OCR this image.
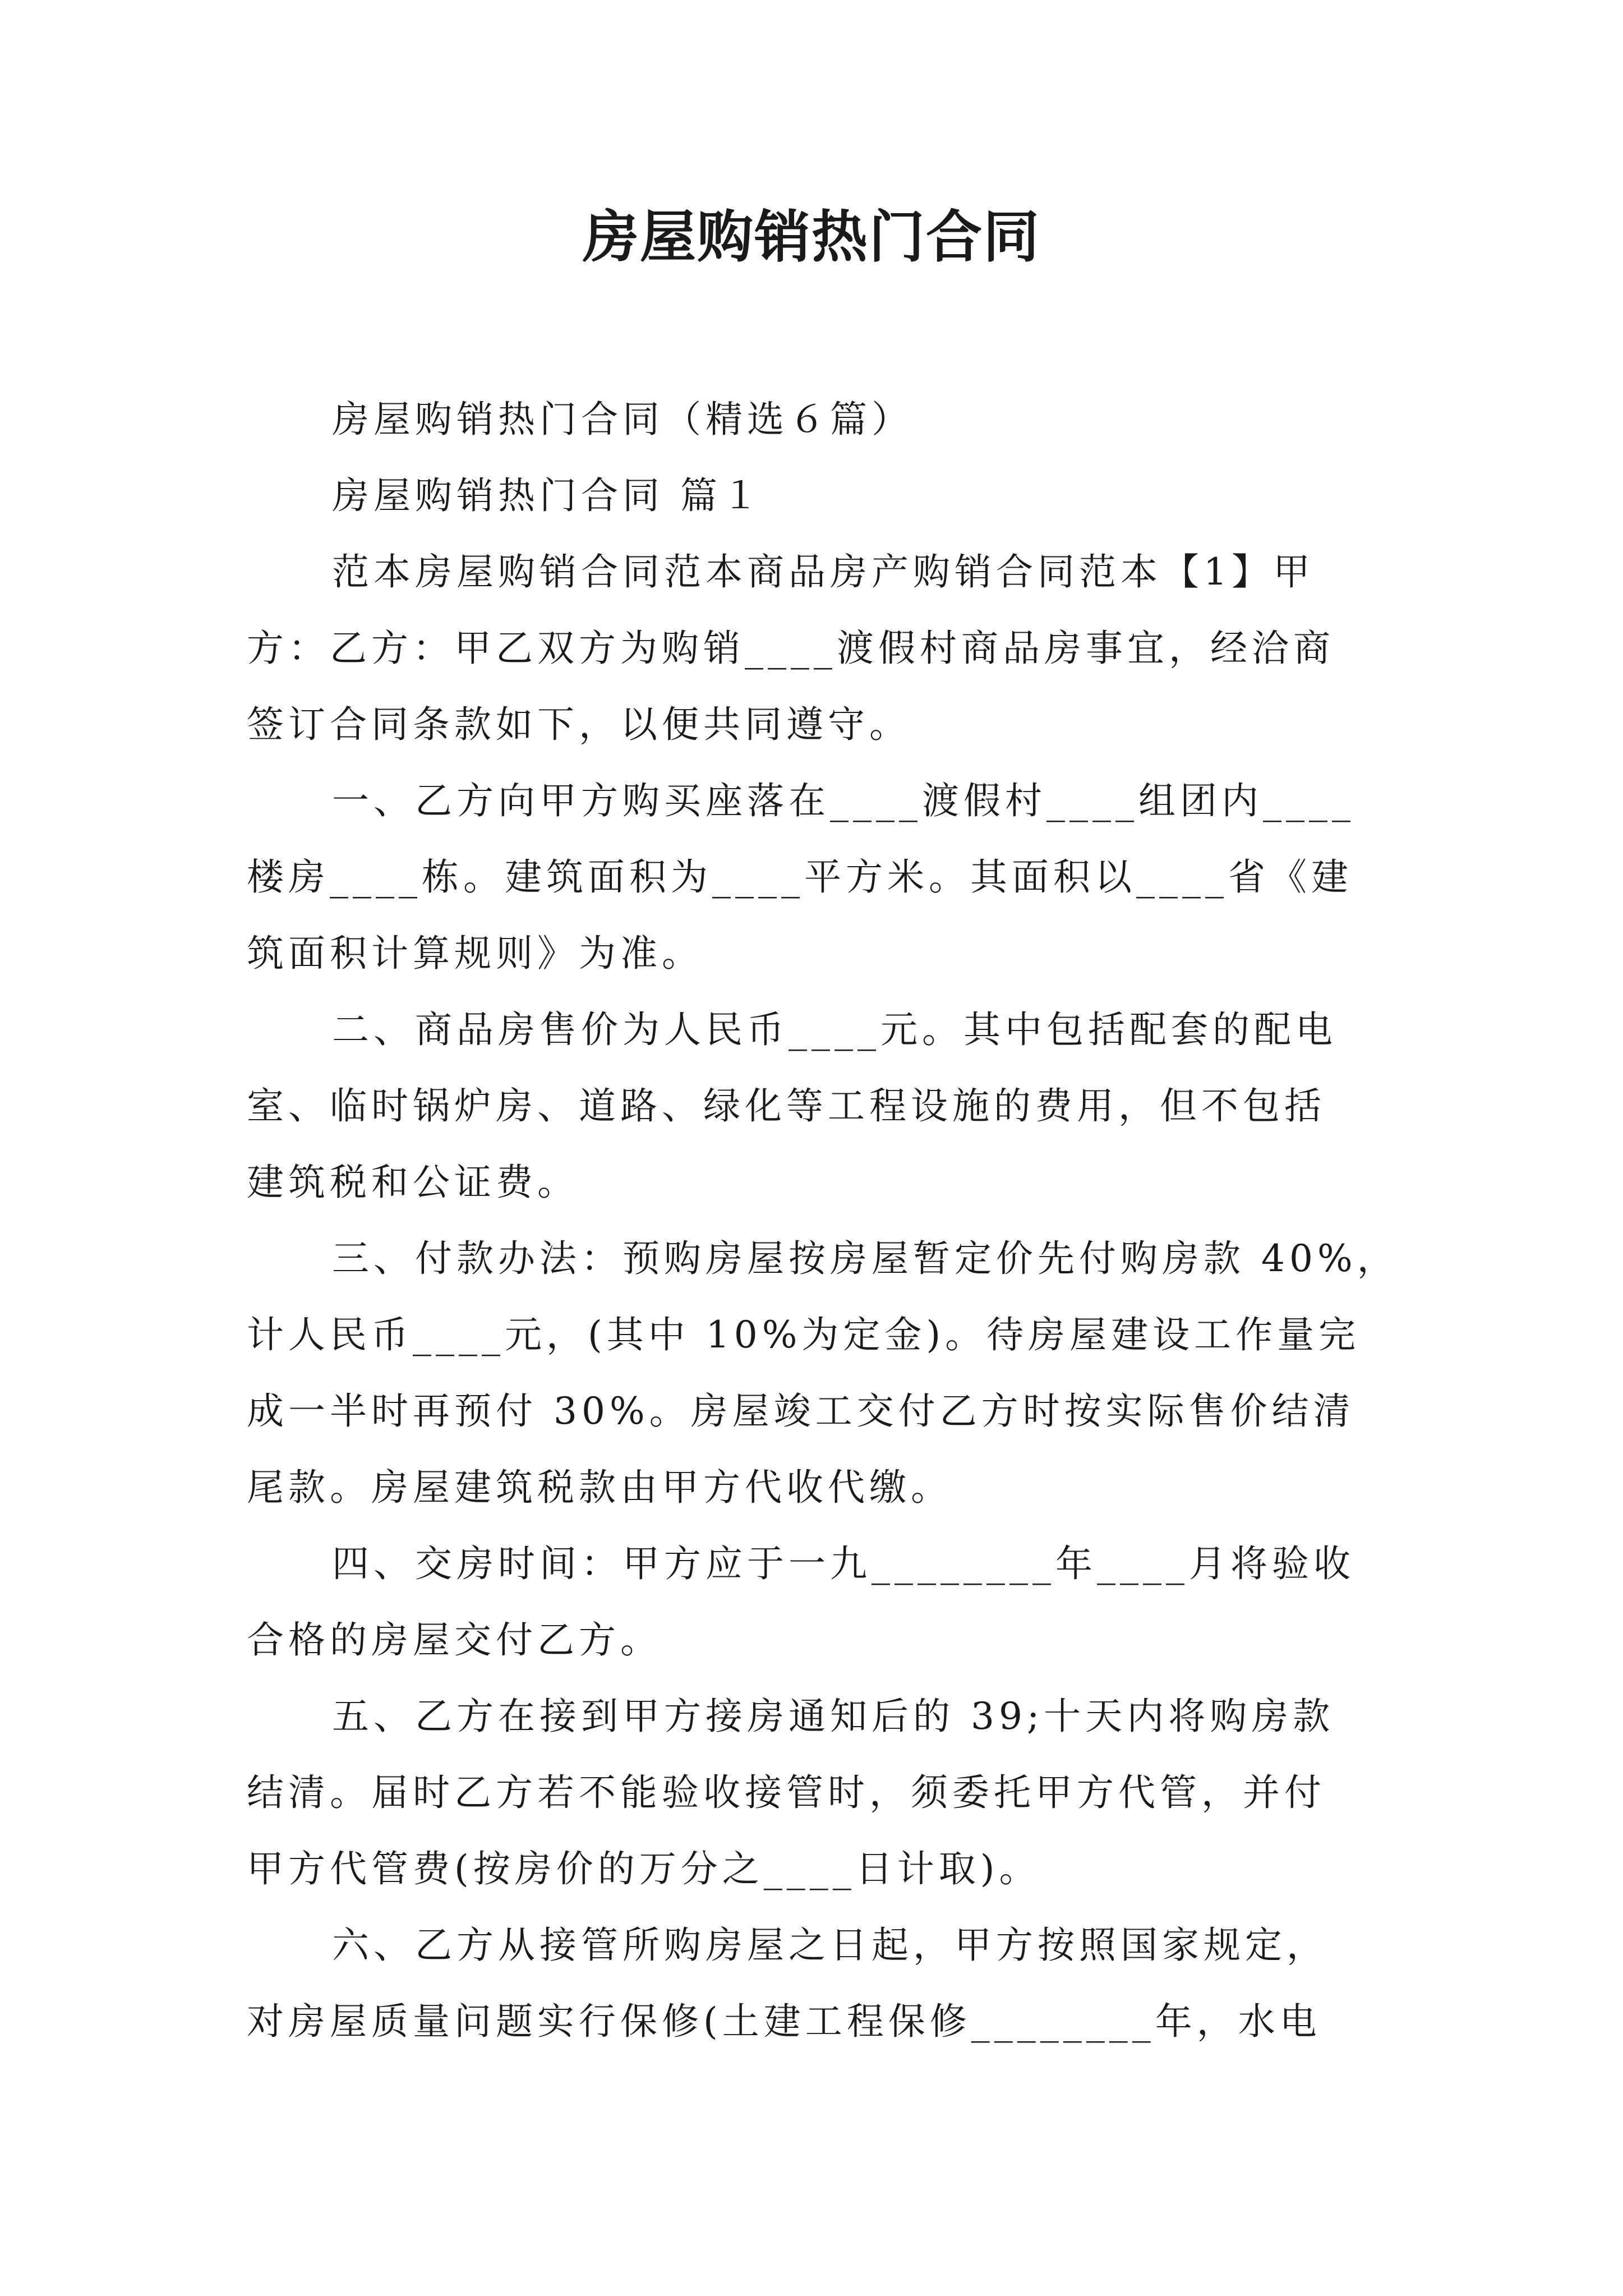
房屋购销热门合同
房屋购销热门合同（精选６篇）
房屋购销热门合同 篇１
范本房屋购销合同范本商品房产购销合同范本【1】甲
方：乙方：甲乙双方为购销____渡假村商品房事宜，经洽商
签订合同条款如下，以便共同遵守。
一、乙方向甲方购买座落在____渡假村____组团内____
楼房____栋。建筑面积为____平方米。其面积以____省《建
筑面积计算规则》为准。
二、商品房售价为人民币____元。其中包括配套的配电
室、临时锅炉房、道路、绿化等工程设施的费用，但不包括
建筑税和公证费。
三、付款办法：预购房屋按房屋暂定价先付购房款 40%，
计人民币____元，(其中 10%为定金)。待房屋建设工作量完
成一半时再预付 30%。房屋竣工交付乙方时按实际售价结清
尾款。房屋建筑税款由甲方代收代缴。
四、交房时间：甲方应于一九________年____月将验收
合格的房屋交付乙方。
五、乙方在接到甲方接房通知后的 39;十天内将购房款
结清。届时乙方若不能验收接管时，须委托甲方代管，并付
甲方代管费(按房价的万分之____日计取)。
六、乙方从接管所购房屋之日起，甲方按照国家规定，
对房屋质量问题实行保修(土建工程保修________年，水电
